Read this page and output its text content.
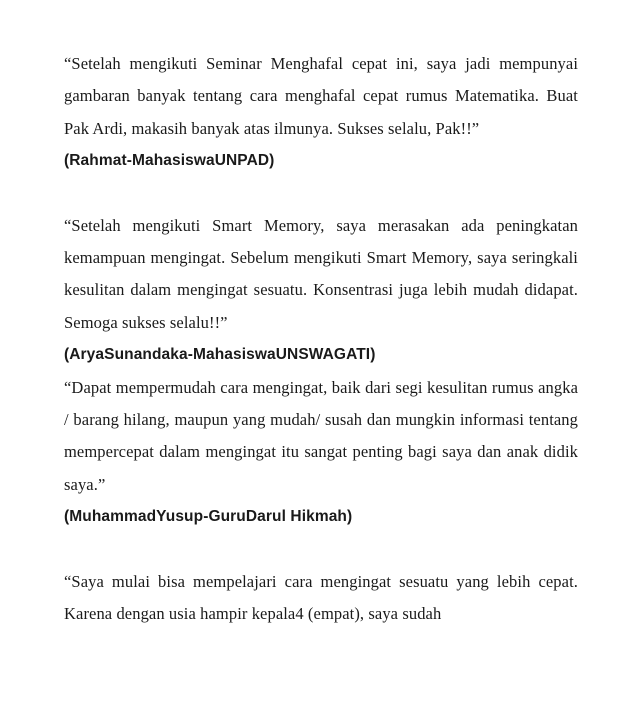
“Setelah mengikuti Seminar Menghafal cepat ini, saya jadi mempunyai gambaran banyak tentang cara menghafal cepat rumus Matematika. Buat Pak Ardi, makasih banyak atas ilmunya. Sukses selalu, Pak!!”

(Rahmat-MahasiswaUNPAD)

“Setelah mengikuti Smart Memory, saya merasakan ada peningkatan kemampuan mengingat. Sebelum mengikuti Smart Memory, saya seringkali kesulitan dalam mengingat sesuatu. Konsentrasi juga lebih mudah didapat. Semoga sukses selalu!!”

(AryaSunandaka-MahasiswaUNSWAGATI)

“Dapat mempermudah cara mengingat, baik dari segi kesulitan rumus angka / barang hilang, maupun yang mudah/ susah dan mungkin informasi tentang mempercepat dalam mengingat itu sangat penting bagi saya dan anak didik saya.”

(MuhammadYusup-GuruDarul Hikmah)

“Saya mulai bisa mempelajari cara mengingat sesuatu yang lebih cepat. Karena dengan usia hampir kepala4 (empat), saya sudah
